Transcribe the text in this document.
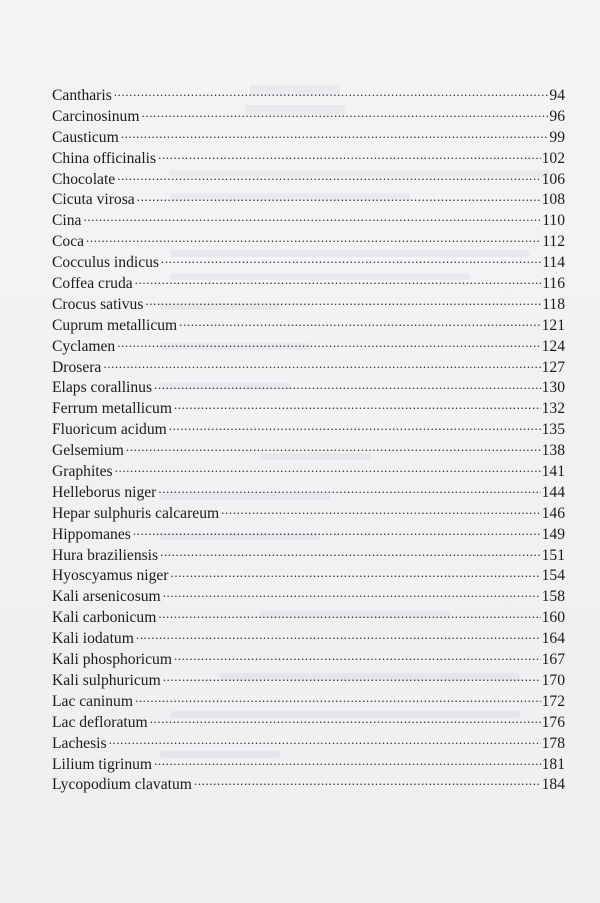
Cantharis .....	94
Carcinosinum .....	96
Causticum .....	99
China officinalis .....	102
Chocolate .....	106
Cicuta virosa .....	108
Cina .....	110
Coca .....	112
Cocculus indicus .....	114
Coffea cruda .....	116
Crocus sativus .....	118
Cuprum metallicum .....	121
Cyclamen .....	124
Drosera .....	127
Elaps corallinus .....	130
Ferrum metallicum .....	132
Fluoricum acidum .....	135
Gelsemium .....	138
Graphites .....	141
Helleborus niger .....	144
Hepar sulphuris calcareum .....	146
Hippomanes .....	149
Hura braziliensis .....	151
Hyoscyamus niger .....	154
Kali arsenicosum .....	158
Kali carbonicum .....	160
Kali iodatum .....	164
Kali phosphoricum .....	167
Kali sulphuricum .....	170
Lac caninum .....	172
Lac defloratum .....	176
Lachesis .....	178
Lilium tigrinum .....	181
Lycopodium clavatum .....	184
